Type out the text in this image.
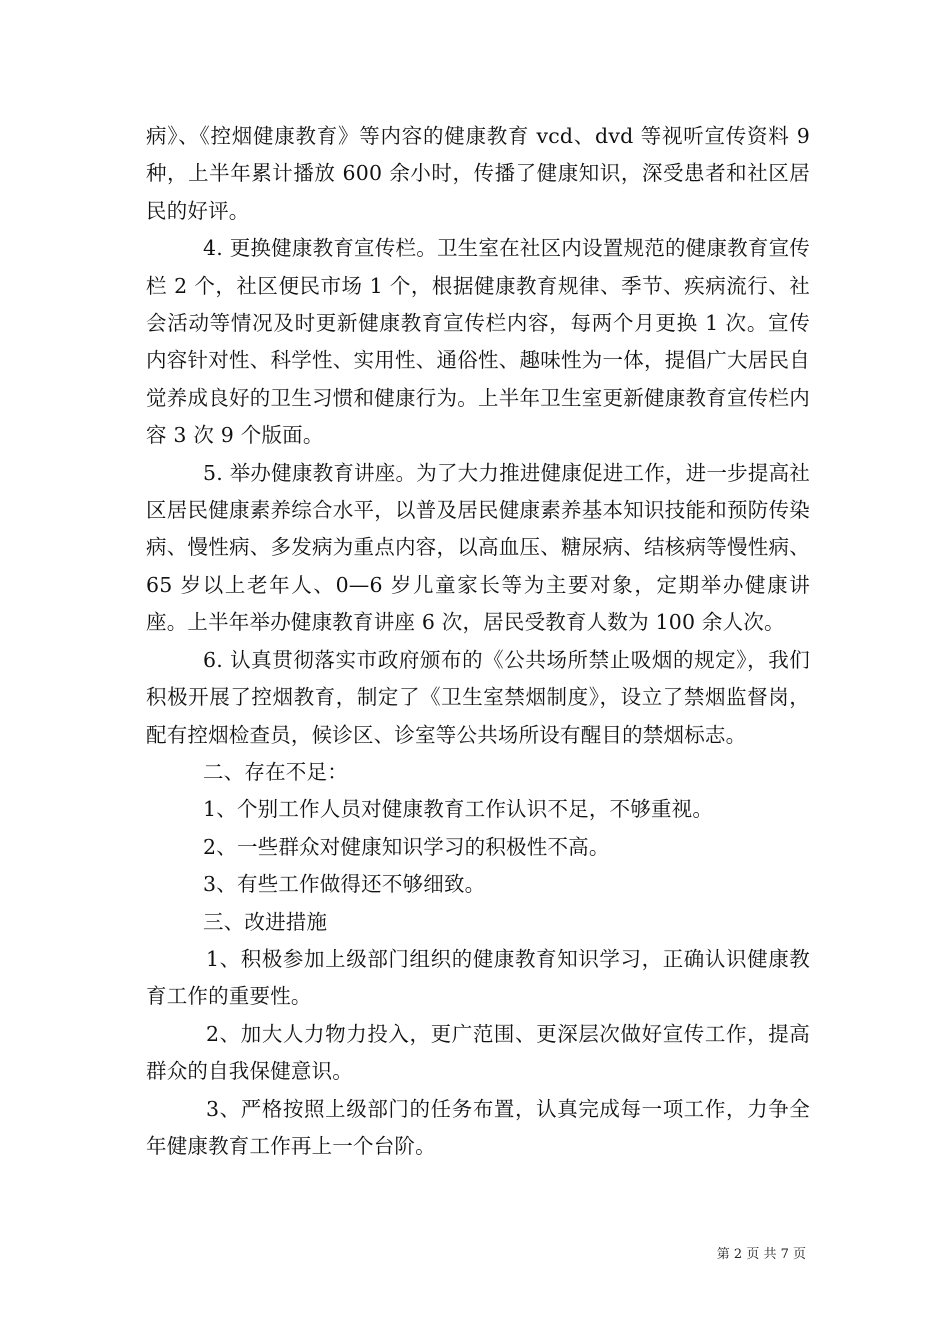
病》、《控烟健康教育》等内容的健康教育 vcd、dvd 等视听宣传资料 9 种，上半年累计播放 600 余小时，传播了健康知识，深受患者和社区居民的好评。

4. 更换健康教育宣传栏。卫生室在社区内设置规范的健康教育宣传栏 2 个，社区便民市场 1 个，根据健康教育规律、季节、疾病流行、社会活动等情况及时更新健康教育宣传栏内容，每两个月更换 1 次。宣传内容针对性、科学性、实用性、通俗性、趣味性为一体，提倡广大居民自觉养成良好的卫生习惯和健康行为。上半年卫生室更新健康教育宣传栏内容 3 次 9 个版面。

5. 举办健康教育讲座。为了大力推进健康促进工作，进一步提高社区居民健康素养综合水平，以普及居民健康素养基本知识技能和预防传染病、慢性病、多发病为重点内容，以高血压、糖尿病、结核病等慢性病、65 岁以上老年人、0—6 岁儿童家长等为主要对象，定期举办健康讲座。上半年举办健康教育讲座 6 次，居民受教育人数为 100 余人次。

6. 认真贯彻落实市政府颁布的《公共场所禁止吸烟的规定》，我们积极开展了控烟教育，制定了《卫生室禁烟制度》，设立了禁烟监督岗，配有控烟检查员，候诊区、诊室等公共场所设有醒目的禁烟标志。

二、存在不足：

1、个别工作人员对健康教育工作认识不足，不够重视。

2、一些群众对健康知识学习的积极性不高。

3、有些工作做得还不够细致。

三、改进措施

1、积极参加上级部门组织的健康教育知识学习，正确认识健康教育工作的重要性。

2、加大人力物力投入，更广范围、更深层次做好宣传工作，提高群众的自我保健意识。

3、严格按照上级部门的任务布置，认真完成每一项工作，力争全年健康教育工作再上一个台阶。

第 2 页 共 7 页
